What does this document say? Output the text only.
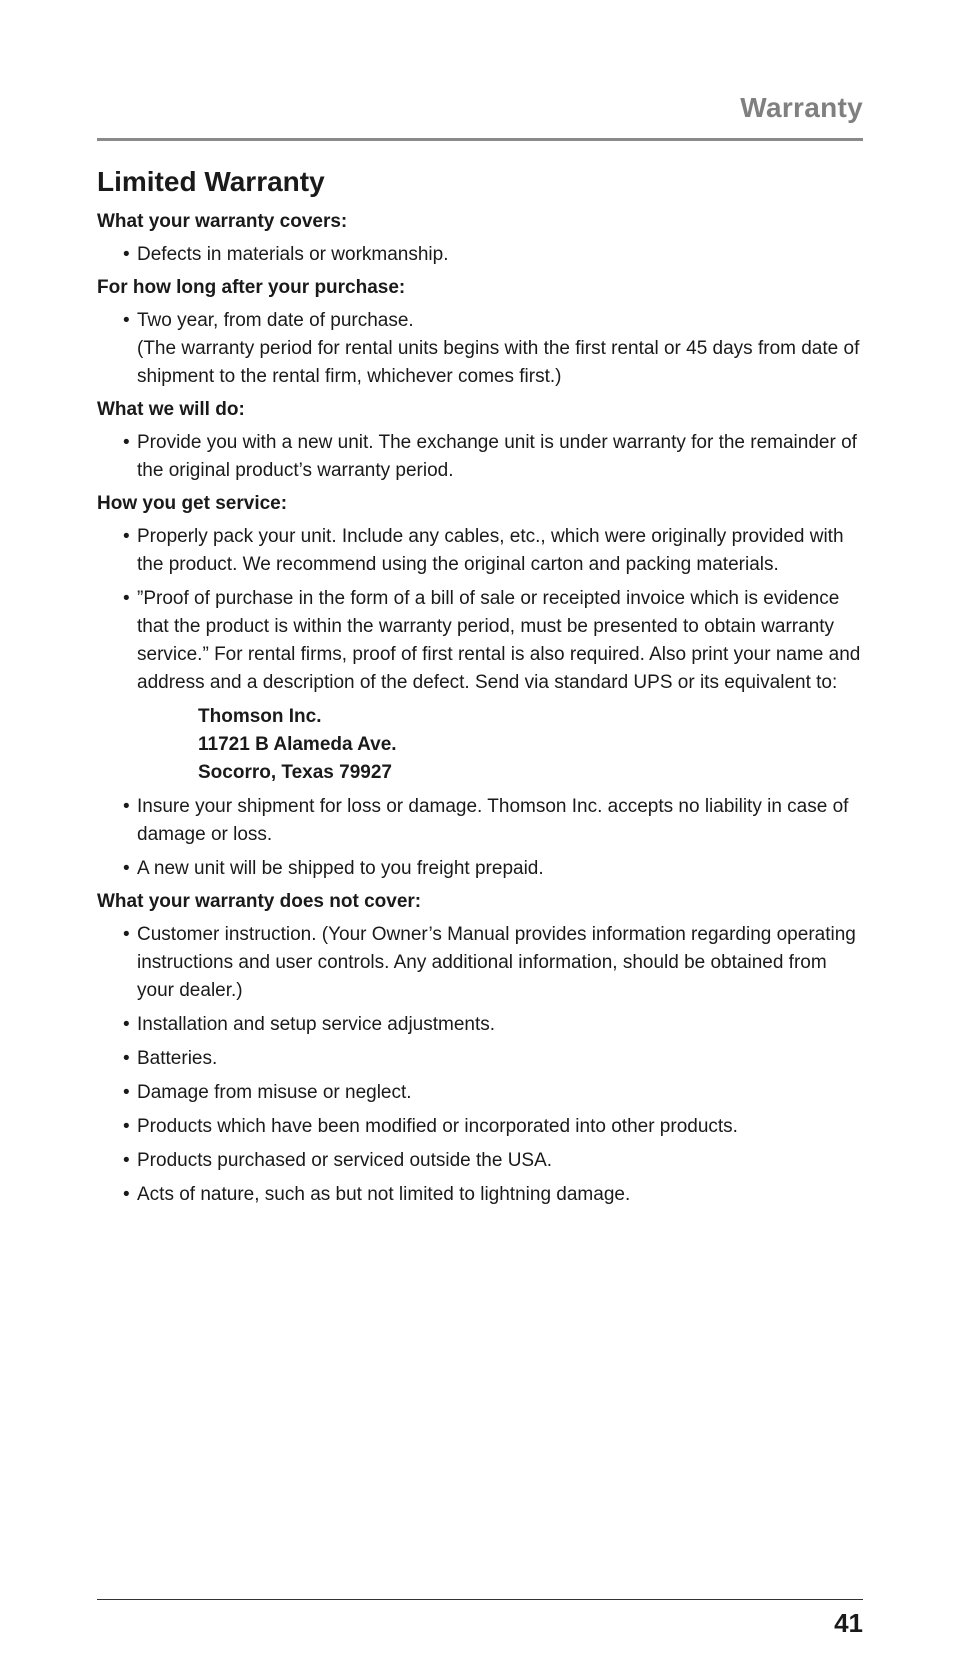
Warranty
Limited Warranty
What your warranty covers:
• Defects in materials or workmanship.
For how long after your purchase:
• Two year, from date of purchase.
(The warranty period for rental units begins with the first rental or 45 days from date of shipment to the rental firm, whichever comes first.)
What we will do:
• Provide you with a new unit. The exchange unit is under warranty for the remainder of the original product’s warranty period.
How you get service:
• Properly pack your unit. Include any cables, etc., which were originally provided with the product. We recommend using the original carton and packing materials.
• ”Proof of purchase in the form of a bill of sale or receipted invoice which is evidence that the product is within the warranty period, must be presented to obtain warranty service.” For rental firms, proof of first rental is also required. Also print your name and address and a description of the defect. Send via standard UPS or its equivalent to:
Thomson Inc.
11721 B Alameda Ave.
Socorro, Texas 79927
• Insure your shipment for loss or damage. Thomson Inc. accepts no liability in case of damage or loss.
• A new unit will be shipped to you freight prepaid.
What your warranty does not cover:
• Customer instruction. (Your Owner’s Manual provides information regarding operating instructions and user controls. Any additional information, should be obtained from your dealer.)
• Installation and setup service adjustments.
• Batteries.
• Damage from misuse or neglect.
• Products which have been modified or incorporated into other products.
• Products purchased or serviced outside the USA.
• Acts of nature, such as but not limited to lightning damage.
41
